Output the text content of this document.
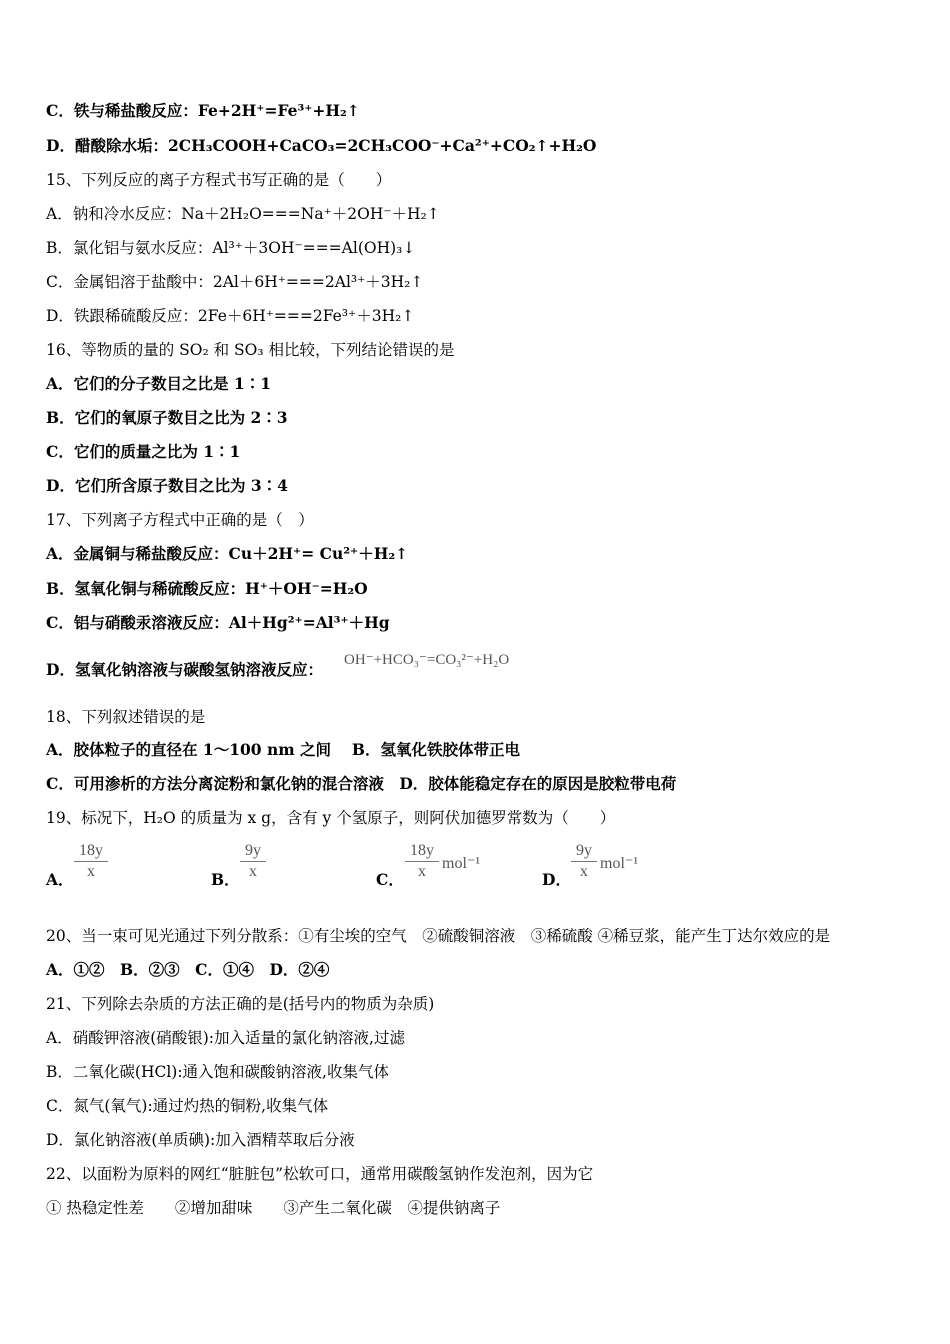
C．铁与稀盐酸反应：Fe+2H⁺=Fe³⁺+H₂↑
D．醋酸除水垢：2CH₃COOH+CaCO₃=2CH₃COO⁻+Ca²⁺+CO₂↑+H₂O
15、下列反应的离子方程式书写正确的是（　　）
A．钠和冷水反应：Na＋2H₂O===Na⁺＋2OH⁻＋H₂↑
B．氯化铝与氨水反应：Al³⁺＋3OH⁻===Al(OH)₃↓
C．金属铝溶于盐酸中：2Al＋6H⁺===2Al³⁺＋3H₂↑
D．铁跟稀硫酸反应：2Fe＋6H⁺===2Fe³⁺＋3H₂↑
16、等物质的量的 SO₂ 和 SO₃ 相比较，下列结论错误的是
A．它们的分子数目之比是 1∶1
B．它们的氧原子数目之比为 2∶3
C．它们的质量之比为 1∶1
D．它们所含原子数目之比为 3∶4
17、下列离子方程式中正确的是（　）
A．金属铜与稀盐酸反应：Cu＋2H⁺= Cu²⁺＋H₂↑
B．氢氧化铜与稀硫酸反应：H⁺＋OH⁻=H₂O
C．铝与硝酸汞溶液反应：Al＋Hg²⁺=Al³⁺＋Hg
D．氢氧化钠溶液与碳酸氢钠溶液反应： OH⁻+HCO₃⁻=CO₃²⁻+H₂O
18、下列叙述错误的是
A．胶体粒子的直径在 1～100 nm 之间　 B．氢氧化铁胶体带正电
C．可用渗析的方法分离淀粉和氯化钠的混合溶液　D．胶体能稳定存在的原因是胶粒带电荷
19、标况下，H₂O 的质量为 x g，含有 y 个氢原子，则阿伏加德罗常数为（　　）
A．
18y
x	B．
9y
x	C．
18y
x	mol⁻¹
D．
9y
x mol⁻¹
20、当一束可见光通过下列分散系：①有尘埃的空气　②硫酸铜溶液　③稀硫酸 ④稀豆浆，能产生丁达尔效应的是
A．①②　B．②③　C．①④　D．②④
21、下列除去杂质的方法正确的是(括号内的物质为杂质)
A．硝酸钾溶液(硝酸银):加入适量的氯化钠溶液,过滤
B．二氧化碳(HCl):通入饱和碳酸钠溶液,收集气体
C．氮气(氧气):通过灼热的铜粉,收集气体
D．氯化钠溶液(单质碘):加入酒精萃取后分液
22、以面粉为原料的网红“脏脏包”松软可口，通常用碳酸氢钠作发泡剂，因为它
① 热稳定性差　　②增加甜味　　③产生二氧化碳　④提供钠离子
